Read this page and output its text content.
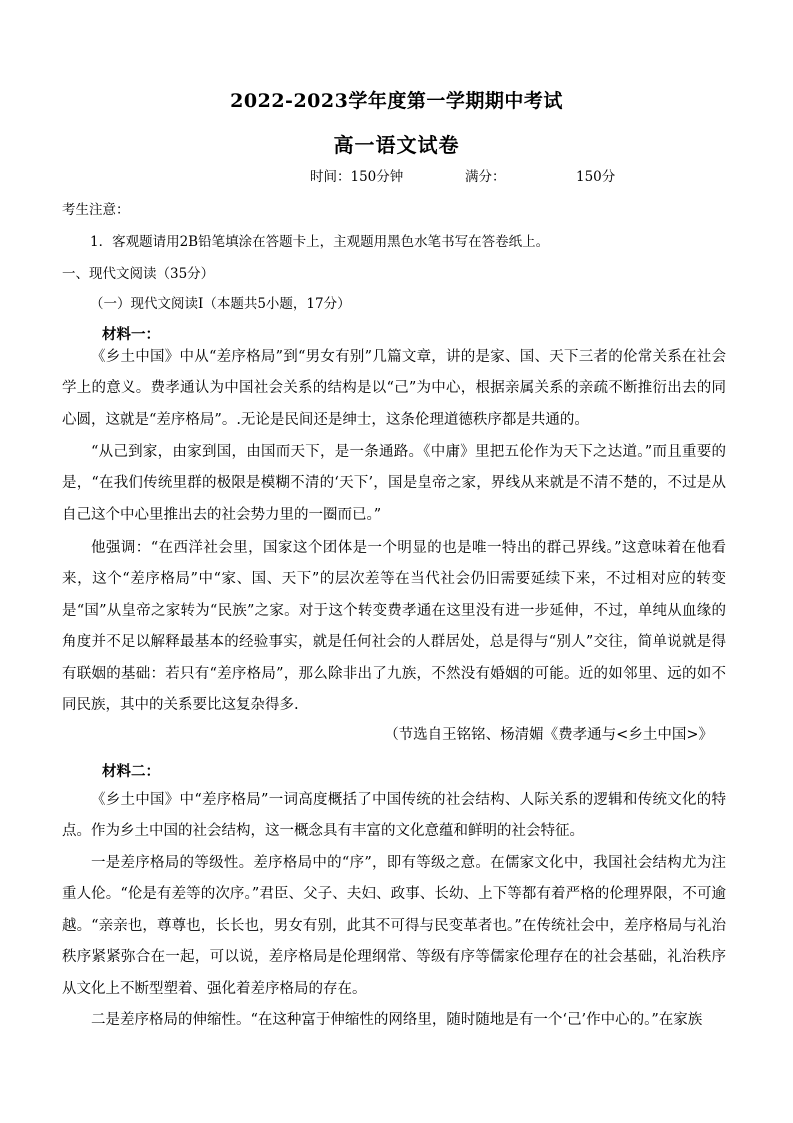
2022-2023学年度第一学期期中考试
高一语文试卷
时间：150分钟	满分：	150分
考生注意：
1．客观题请用2B铅笔填涂在答题卡上，主观题用黑色水笔书写在答卷纸上。
一、现代文阅读（35分）
（一）现代文阅读Ⅰ（本题共5小题，17分）
材料一：

《乡土中国》中从“差序格局”到“男女有别”几篇文章，讲的是家、国、天下三者的伦常关系在社会学上的意义。费孝通认为中国社会关系的结构是以“己”为中心，根据亲属关系的亲疏不断推衍出去的同心圆，这就是“差序格局”。.无论是民间还是绅士，这条伦理道德秩序都是共通的。

“从己到家，由家到国，由国而天下，是一条通路。《中庸》里把五伦作为天下之达道。”而且重要的是，“在我们传统里群的极限是模糊不清的‘天下’，国是皇帝之家，界线从来就是不清不楚的，不过是从自己这个中心里推出去的社会势力里的一圈而已。”

他强调：“在西洋社会里，国家这个团体是一个明显的也是唯一特出的群己界线。”这意味着在他看来，这个“差序格局”中“家、国、天下”的层次差等在当代社会仍旧需要延续下来，不过相对应的转变是“国”从皇帝之家转为“民族”之家。对于这个转变费孝通在这里没有进一步延伸，不过，单纯从血缘的角度并不足以解释最基本的经验事实，就是任何社会的人群居处，总是得与“别人”交往，简单说就是得有联姻的基础：若只有“差序格局”，那么除非出了九族，不然没有婚姻的可能。近的如邻里、远的如不同民族，其中的关系要比这复杂得多.

（节选自王铭铭、杨清媚《费孝通与<乡土中国>》
材料二：

《乡土中国》中“差序格局”一词高度概括了中国传统的社会结构、人际关系的逻辑和传统文化的特点。作为乡土中国的社会结构，这一概念具有丰富的文化意蕴和鲜明的社会特征。

一是差序格局的等级性。差序格局中的“序”，即有等级之意。在儒家文化中，我国社会结构尤为注重人伦。“伦是有差等的次序。”君臣、父子、夫妇、政事、长幼、上下等都有着严格的伦理界限，不可逾越。“亲亲也，尊尊也，长长也，男女有别，此其不可得与民变革者也。”在传统社会中，差序格局与礼治秩序紧紧弥合在一起，可以说，差序格局是伦理纲常、等级有序等儒家伦理存在的社会基础，礼治秩序从文化上不断型塑着、强化着差序格局的存在。

二是差序格局的伸缩性。“在这种富于伸缩性的网络里，随时随地是有一个‘己’作中心的。”在家族
